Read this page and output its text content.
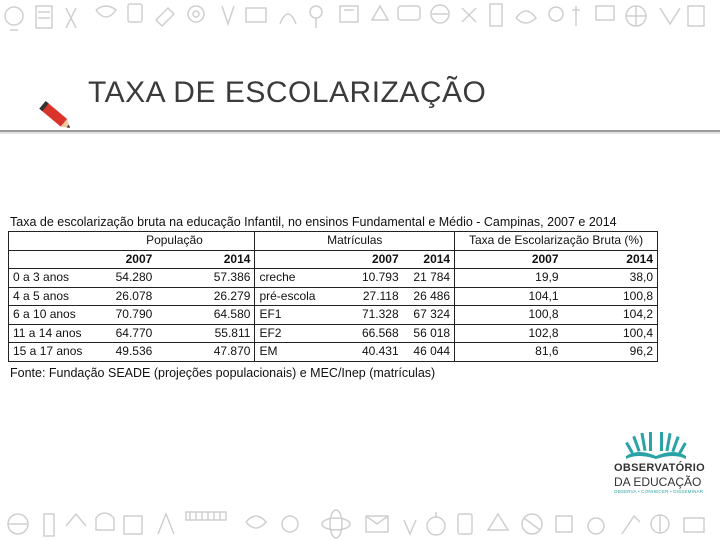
TAXA DE ESCOLARIZAÇÃO
Taxa de escolarização bruta na educação Infantil, no ensinos Fundamental e Médio - Campinas, 2007 e 2014
	População		Matrículas			Taxa de Escolarização Bruta (%)	
	2007	2014		2007	2014	2007	2014
0 a 3 anos	54.280	57.386	creche	10.793	21 784	19,9	38,0
4 a 5 anos	26.078	26.279	pré-escola	27.118	26 486	104,1	100,8
6 a 10 anos	70.790	64.580	EF1	71.328	67 324	100,8	104,2
11 a 14 anos	64.770	55.811	EF2	66.568	56 018	102,8	100,4
15 a 17 anos	49.536	47.870	EM	40.431	46 044	81,6	96,2
Fonte: Fundação SEADE (projeções populacionais) e MEC/Inep (matrículas)
OBSERVATÓRIO
DA EDUCAÇÃO
OBSERVA • CONHECER • DISSEMINAR
